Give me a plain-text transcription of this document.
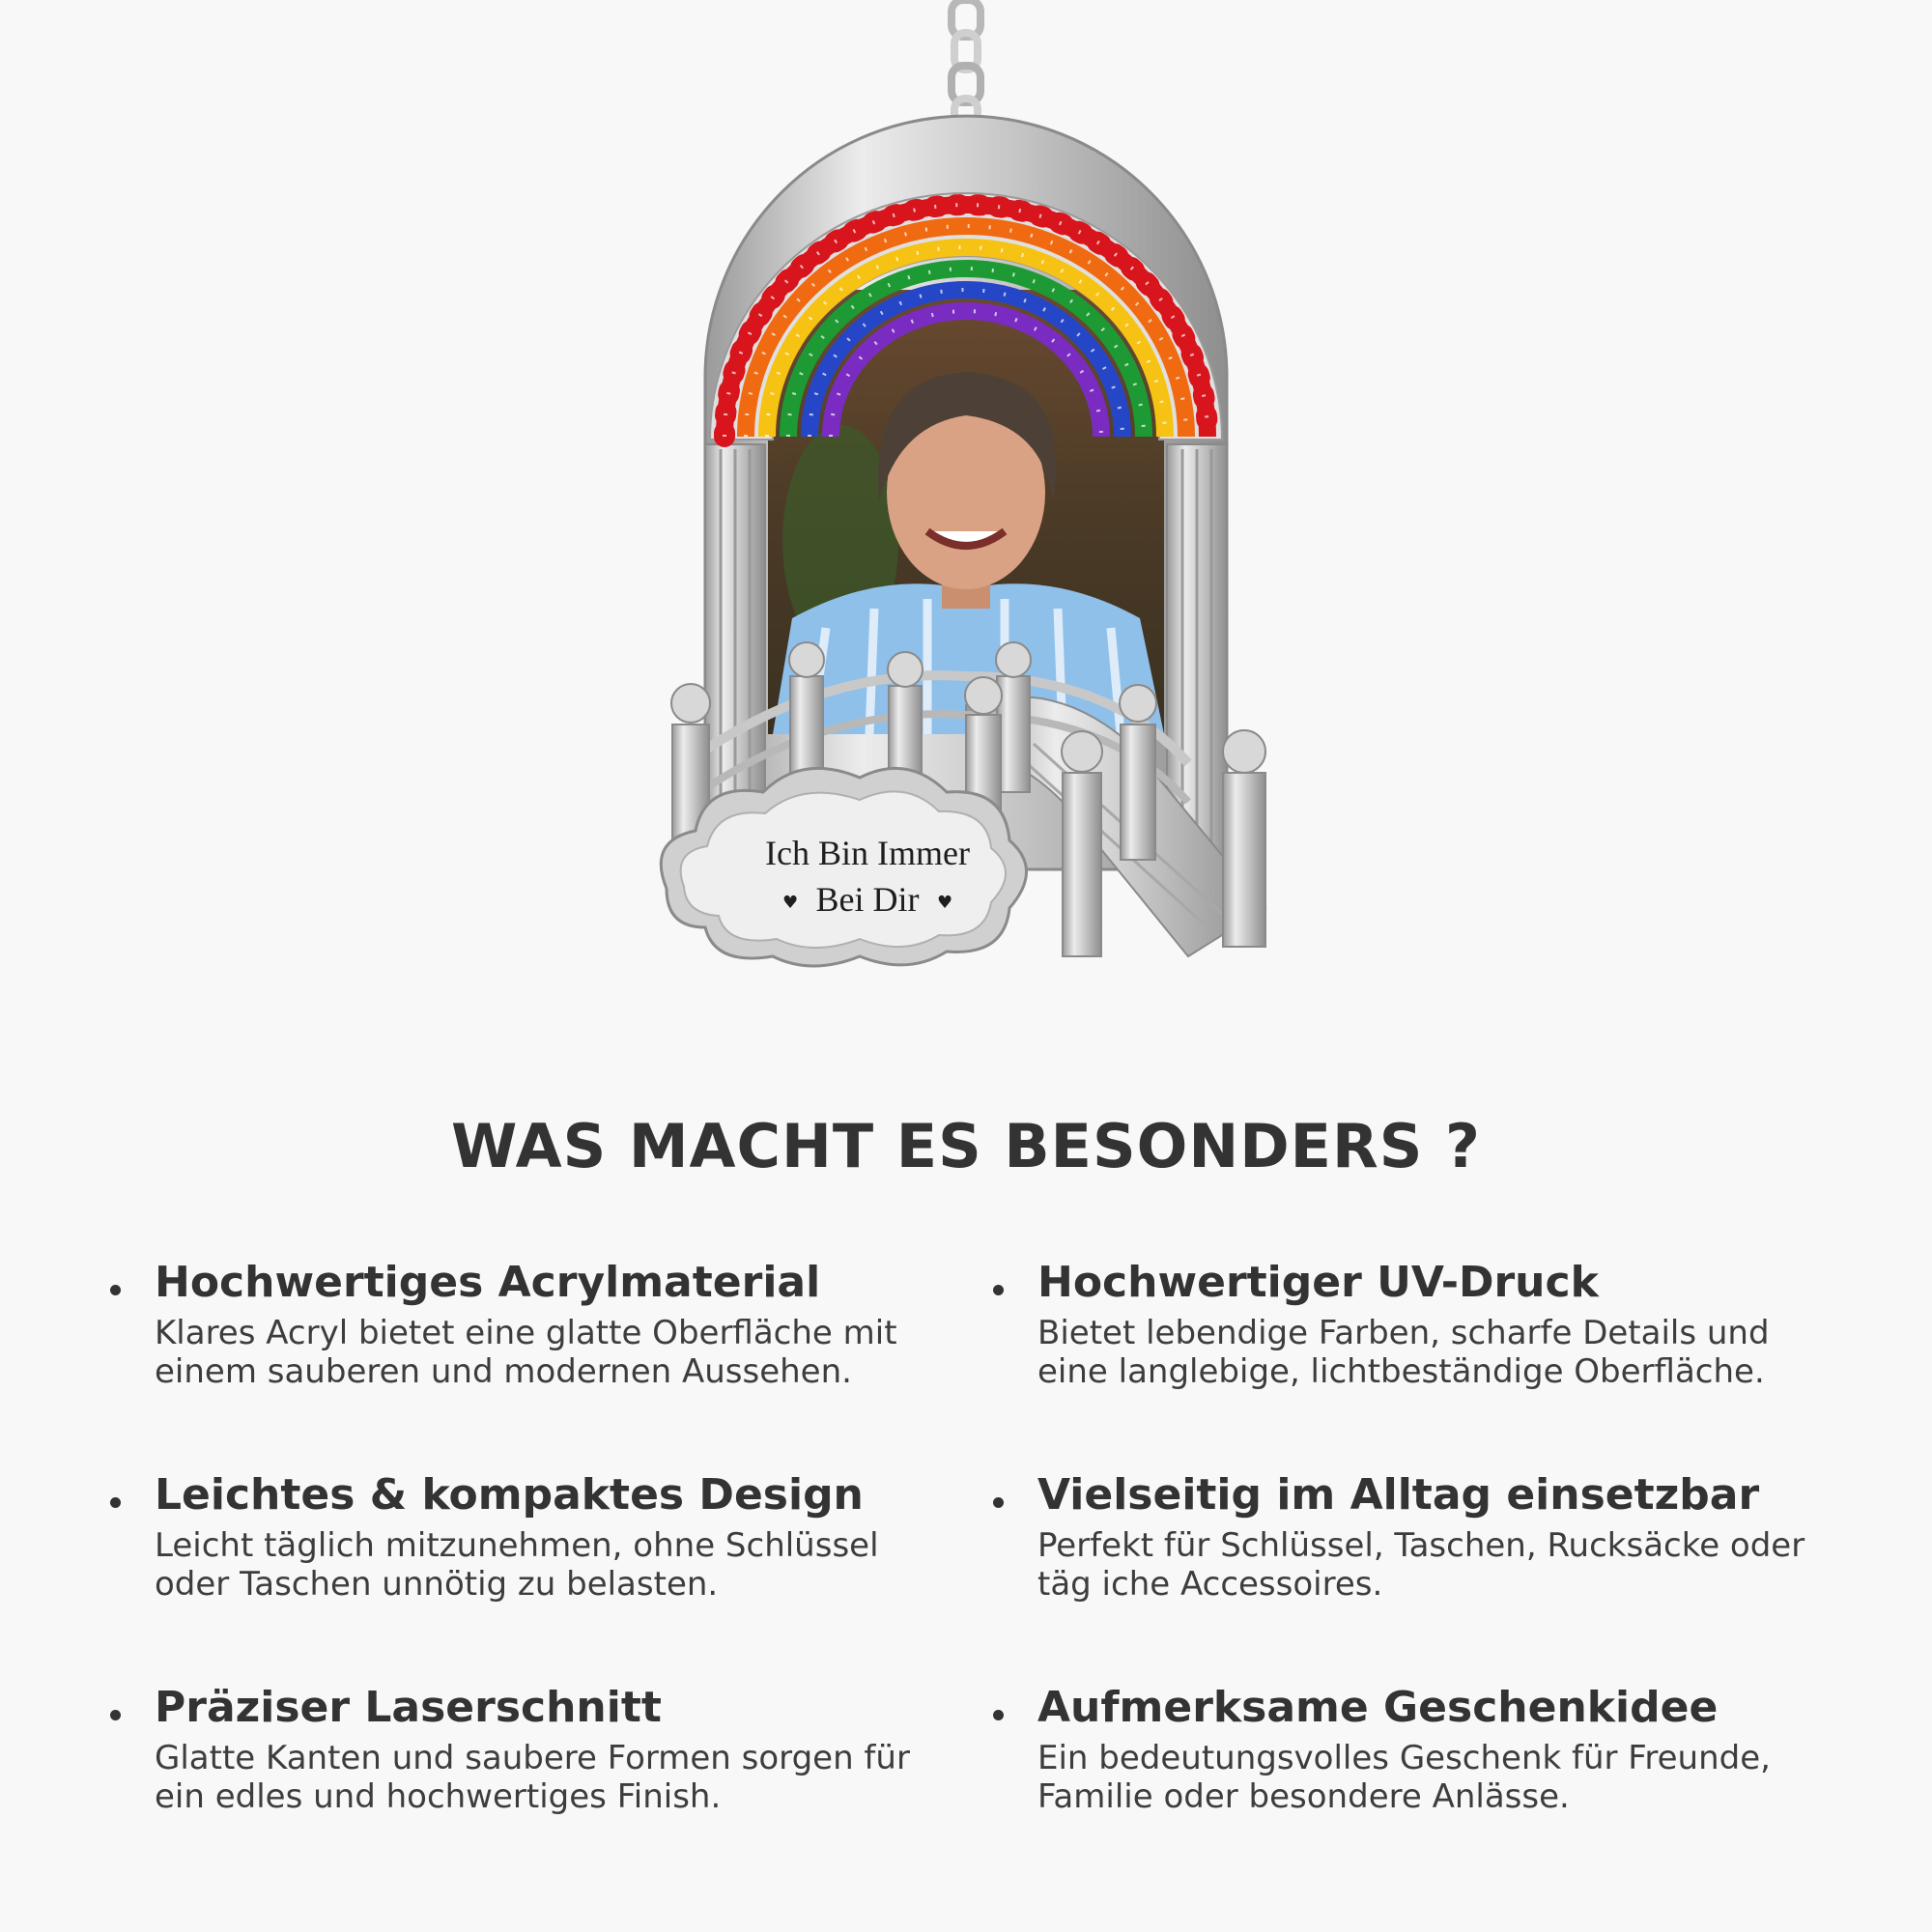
Ich Bin Immer
Bei Dir
♥	♥
WAS MACHT ES BESONDERS ?
Hochwertiges Acrylmaterial
Klares Acryl bietet eine glatte Oberfläche mit einem sauberen und modernen Aussehen.
Hochwertiger UV-Druck
Bietet lebendige Farben, scharfe Details und eine langlebige, lichtbeständige Oberfläche.
Leichtes & kompaktes Design
Leicht täglich mitzunehmen, ohne Schlüssel oder Taschen unnötig zu belasten.
Vielseitig im Alltag einsetzbar
Perfekt für Schlüssel, Taschen, Rucksäcke oder täg iche Accessoires.
Präziser Laserschnitt
Glatte Kanten und saubere Formen sorgen für ein edles und hochwertiges Finish.
Aufmerksame Geschenkidee
Ein bedeutungsvolles Geschenk für Freunde, Familie oder besondere Anlässe.
